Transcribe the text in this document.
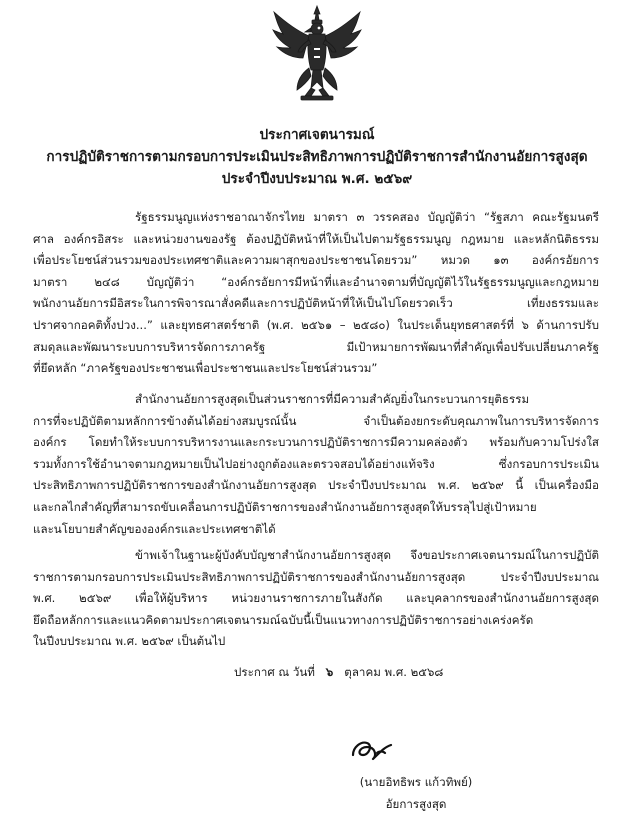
ประกาศเจตนารมณ์
การปฏิบัติราชการตามกรอบการประเมินประสิทธิภาพการปฏิบัติราชการสำนักงานอัยการสูงสุด
ประจำปีงบประมาณ พ.ศ. ๒๕๖๙
รัฐธรรมนูญแห่งราชอาณาจักรไทย มาตรา ๓ วรรคสอง บัญญัติว่า “รัฐสภา คณะรัฐมนตรี
ศาล องค์กรอิสระ และหน่วยงานของรัฐ ต้องปฏิบัติหน้าที่ให้เป็นไปตามรัฐธรรมนูญ กฎหมาย และหลักนิติธรรม
เพื่อประโยชน์ส่วนรวมของประเทศชาติและความผาสุกของประชาชนโดยรวม” หมวด ๑๓ องค์กรอัยการ
มาตรา ๒๔๘ บัญญัติว่า “องค์กรอัยการมีหน้าที่และอำนาจตามที่บัญญัติไว้ในรัฐธรรมนูญและกฎหมาย
พนักงานอัยการมีอิสระในการพิจารณาสั่งคดีและการปฏิบัติหน้าที่ให้เป็นไปโดยรวดเร็ว เที่ยงธรรมและ
ปราศจากอคติทั้งปวง...” และยุทธศาสตร์ชาติ (พ.ศ. ๒๕๖๑ – ๒๕๘๐) ในประเด็นยุทธศาสตร์ที่ ๖ ด้านการปรับ
สมดุลและพัฒนาระบบการบริหารจัดการภาครัฐ มีเป้าหมายการพัฒนาที่สำคัญเพื่อปรับเปลี่ยนภาครัฐ
ที่ยึดหลัก “ภาครัฐของประชาชนเพื่อประชาชนและประโยชน์ส่วนรวม”
สำนักงานอัยการสูงสุดเป็นส่วนราชการที่มีความสำคัญยิ่งในกระบวนการยุติธรรม
การที่จะปฏิบัติตามหลักการข้างต้นได้อย่างสมบูรณ์นั้น จำเป็นต้องยกระดับคุณภาพในการบริหารจัดการ
องค์กร โดยทำให้ระบบการบริหารงานและกระบวนการปฏิบัติราชการมีความคล่องตัว พร้อมกับความโปร่งใส
รวมทั้งการใช้อำนาจตามกฎหมายเป็นไปอย่างถูกต้องและตรวจสอบได้อย่างแท้จริง ซึ่งกรอบการประเมิน
ประสิทธิภาพการปฏิบัติราชการของสำนักงานอัยการสูงสุด ประจำปีงบประมาณ พ.ศ. ๒๕๖๙ นี้ เป็นเครื่องมือ
และกลไกสำคัญที่สามารถขับเคลื่อนการปฏิบัติราชการของสำนักงานอัยการสูงสุดให้บรรลุไปสู่เป้าหมาย
และนโยบายสำคัญขององค์กรและประเทศชาติได้
ข้าพเจ้าในฐานะผู้บังคับบัญชาสำนักงานอัยการสูงสุด จึงขอประกาศเจตนารมณ์ในการปฏิบัติ
ราชการตามกรอบการประเมินประสิทธิภาพการปฏิบัติราชการของสำนักงานอัยการสูงสุด ประจำปีงบประมาณ
พ.ศ. ๒๕๖๙ เพื่อให้ผู้บริหาร หน่วยงานราชการภายในสังกัด และบุคลากรของสำนักงานอัยการสูงสุด
ยึดถือหลักการและแนวคิดตามประกาศเจตนารมณ์ฉบับนี้เป็นแนวทางการปฏิบัติราชการอย่างเคร่งครัด
ในปีงบประมาณ พ.ศ. ๒๕๖๙ เป็นต้นไป
ประกาศ ณ วันที่ ๖ ตุลาคม พ.ศ. ๒๕๖๘
(นายอิทธิพร แก้วทิพย์)
อัยการสูงสุด
